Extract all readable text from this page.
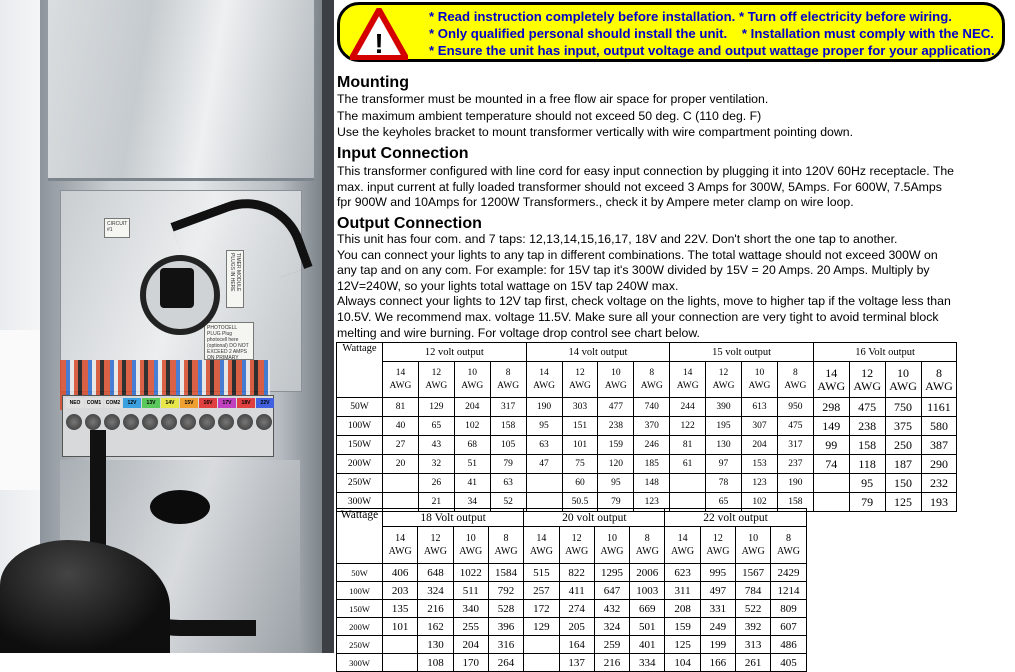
CIRCUIT #1
TIMER MODULE PLUGS IN HERE
PHOTOCELL PLUG Plug photocell here (optional) DO NOT EXCEED 2 AMPS ON PRIMARY
NEO	COM1 COM2	12V	13V	14V	15V	16V	17V	18V	22V
!
* Read instruction completely before installation. * Turn off electricity before wiring.
* Only qualified personal should install the unit.    * Installation must comply with the NEC.
* Ensure the unit has input, output voltage and output wattage proper for your application.
Mounting
The transformer must be mounted in a free flow air space for proper ventilation.
The maximum ambient temperature should not exceed 50 deg. C (110 deg. F)
Use the keyholes bracket to mount transformer vertically with wire compartment pointing down.
Input Connection
This transformer configured with line cord for easy input connection by plugging it into 120V 60Hz receptacle. The
max. input current at fully loaded transformer should not exceed 3 Amps for 300W, 5Amps. For 600W, 7.5Amps
fpr 900W and 10Amps for 1200W Transformers., check it by Ampere meter clamp on wire loop.
Output Connection
This unit has four com. and 7 taps: 12,13,14,15,16,17, 18V and 22V. Don't short the one tap to another.
You can connect your lights to any tap in different combinations. The total wattage should not exceed 300W on
any tap and on any com. For example: for 15V tap it's 300W divided by 15V = 20 Amps. 20 Amps. Multiply by
12V=240W, so your lights total wattage on 15V tap 240W max.
Always connect your lights to 12V tap first, check voltage on the lights, move to higher tap if the voltage less than
10.5V. We recommend max. voltage 11.5V. Make sure all your connection are very tight to avoid terminal block
melting and wire burning. For voltage drop control see chart below.
Wattage	12 volt output				14 volt output				15 volt output				16 Volt output			

	14
AWG	12
AWG	10
AWG	8
AWG	14
AWG	12
AWG	10
AWG	8
AWG	14
AWG	12
AWG	10
AWG	8
AWG	14
AWG	12
AWG	10
AWG	8
AWG

50W	81	129	204	317	190	303	477	740	244	390	613	950	298	475	750	1161
100W	40	65	102	158	95	151	238	370	122	195	307	475	149	238	375	580
150W	27	43	68	105	63	101	159	246	81	130	204	317	99	158	250	387
200W	20	32	51	79	47	75	120	185	61	97	153	237	74	118	187	290
250W		26	41	63		60	95	148		78	123	190		95	150	232
300W		21	34	52		50.5	79	123		65	102	158		79	125	193
Wattage	18 Volt output				20 volt output				22 volt output			

	14
AWG	12
AWG	10
AWG	8
AWG	14
AWG	12
AWG	10
AWG	8
AWG	14
AWG	12
AWG	10
AWG	8
AWG

50W	406	648	1022	1584	515	822	1295	2006	623	995	1567	2429
100W	203	324	511	792	257	411	647	1003	311	497	784	1214
150W	135	216	340	528	172	274	432	669	208	331	522	809
200W	101	162	255	396	129	205	324	501	159	249	392	607
250W		130	204	316		164	259	401	125	199	313	486
300W		108	170	264		137	216	334	104	166	261	405
